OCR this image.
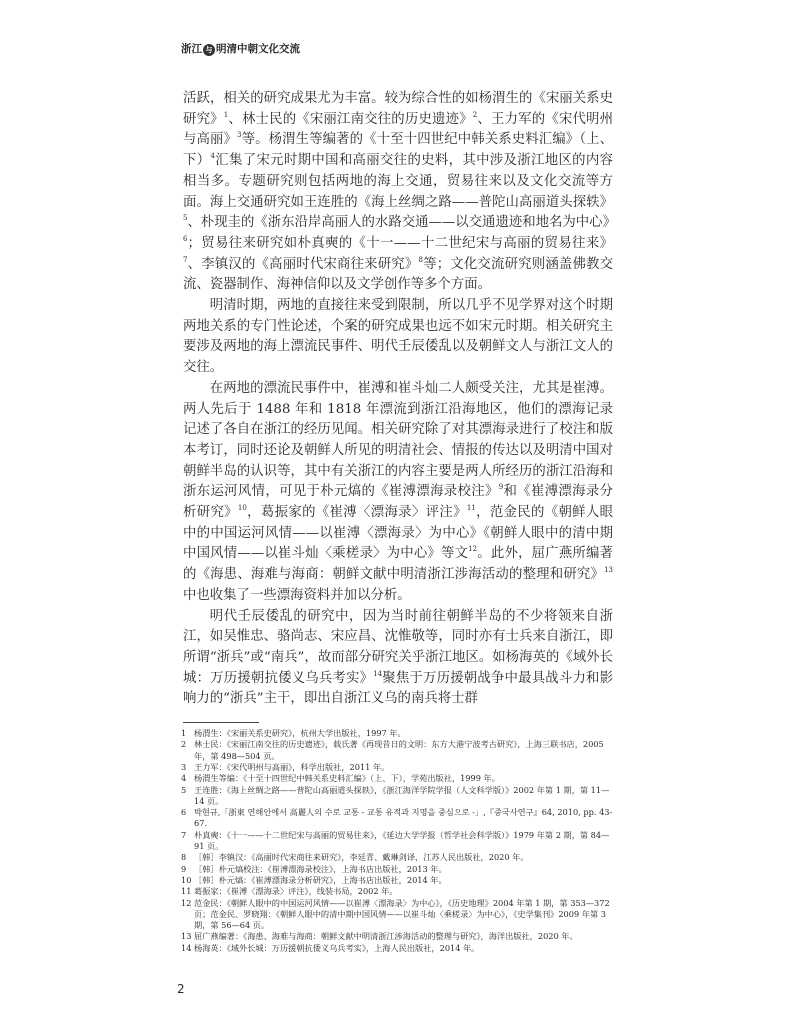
浙江 与 明清中朝文化交流

活跃，相关的研究成果尤为丰富。较为综合性的如杨渭生的《宋丽关系史研究》$^1$、林士民的《宋丽江南交往的历史遗迹》$^2$、王力军的《宋代明州与高丽》$^3$等。杨渭生等编著的《十至十四世纪中韩关系史料汇编》（上、下）$^4$汇集了宋元时期中国和高丽交往的史料，其中涉及浙江地区的内容相当多。专题研究则包括两地的海上交通，贸易往来以及文化交流等方面。海上交通研究如王连胜的《海上丝绸之路——普陀山高丽道头探轶》$^5$、朴现圭的《浙东沿岸高丽人的水路交通——以交通遗迹和地名为中心》$^6$；贸易往来研究如朴真奭的《十一——十二世纪宋与高丽的贸易往来》$^7$、李镇汉的《高丽时代宋商往来研究》$^8$等；文化交流研究则涵盖佛教交流、瓷器制作、海神信仰以及文学创作等多个方面。

明清时期，两地的直接往来受到限制，所以几乎不见学界对这个时期两地关系的专门性论述，个案的研究成果也远不如宋元时期。相关研究主要涉及两地的海上漂流民事件、明代壬辰倭乱以及朝鲜文人与浙江文人的交往。

在两地的漂流民事件中，崔溥和崔斗灿二人颇受关注，尤其是崔溥。两人先后于 1488 年和 1818 年漂流到浙江沿海地区，他们的漂海记录记述了各自在浙江的经历见闻。相关研究除了对其漂海录进行了校注和版本考订，同时还论及朝鲜人所见的明清社会、情报的传达以及明清中国对朝鲜半岛的认识等，其中有关浙江的内容主要是两人所经历的浙江沿海和浙东运河风情，可见于朴元熇的《崔溥漂海录校注》$^9$和《崔溥漂海录分析研究》$^{10}$，葛振家的《崔溥〈漂海录〉评注》$^{11}$，范金民的《朝鲜人眼中的中国运河风情——以崔溥〈漂海录〉为中心》《朝鲜人眼中的清中期中国风情——以崔斗灿〈乘槎录〉为中心》等文$^{12}$。此外，屈广燕所编著的《海患、海难与海商：朝鲜文献中明清浙江涉海活动的整理和研究》$^{13}$中也收集了一些漂海资料并加以分析。

明代壬辰倭乱的研究中，因为当时前往朝鲜半岛的不少将领来自浙江，如吴惟忠、骆尚志、宋应昌、沈惟敬等，同时亦有士兵来自浙江，即所谓“浙兵”或“南兵”，故而部分研究关乎浙江地区。如杨海英的《域外长城：万历援朝抗倭义乌兵考实》$^{14}$聚焦于万历援朝战争中最具战斗力和影响力的“浙兵”主干，即出自浙江义乌的南兵将士群

1 杨渭生：《宋丽关系史研究》，杭州大学出版社，1997 年。
2 林士民：《宋丽江南交往的历史遗迹》，载氏著《再现昔日的文明：东方大港宁波考古研究》，上海三联书店，2005 年，第 498—504 页。
3 王力军：《宋代明州与高丽》，科学出版社，2011 年。
4 杨渭生等编：《十至十四世纪中韩关系史料汇编》（上、下），学苑出版社，1999 年。
5 王连胜：《海上丝绸之路——普陀山高丽道头探轶》，《浙江海洋学院学报（人文科学版）》2002 年第 1 期，第 11—14 页。
6 박현규,「浙東 연해안에서 高麗人의 수로 교통 - 교통 유적과 지명을 중심으로 -」,『중국사연구』64, 2010, pp. 43-67.
7 朴真奭：《十一——十二世纪宋与高丽的贸易往来》，《延边大学学报（哲学社会科学版）》1979 年第 2 期，第 84—91 页。
8 ［韩］李镇汉：《高丽时代宋商往来研究》，李廷青、戴琳剑译，江苏人民出版社，2020 年。
9 ［韩］朴元熇校注：《崔溥漂海录校注》，上海书店出版社，2013 年。
10 ［韩］朴元熇：《崔溥漂海录分析研究》，上海书店出版社，2014 年。
11 葛振家：《崔溥〈漂海录〉评注》，线装书局，2002 年。
12 范金民：《朝鲜人眼中的中国运河风情——以崔溥〈漂海录〉为中心》，《历史地理》2004 年第 1 期，第 353—372 页；范金民、罗晓翔：《朝鲜人眼中的清中期中国风情——以崔斗灿〈乘槎录〉为中心》，《史学集刊》2009 年第 3 期，第 56—64 页。
13 屈广燕编著：《海患、海难与海商：朝鲜文献中明清浙江涉海活动的整理与研究》，海洋出版社，2020 年。
14 杨海英：《域外长城：万历援朝抗倭义乌兵考实》，上海人民出版社，2014 年。
2
